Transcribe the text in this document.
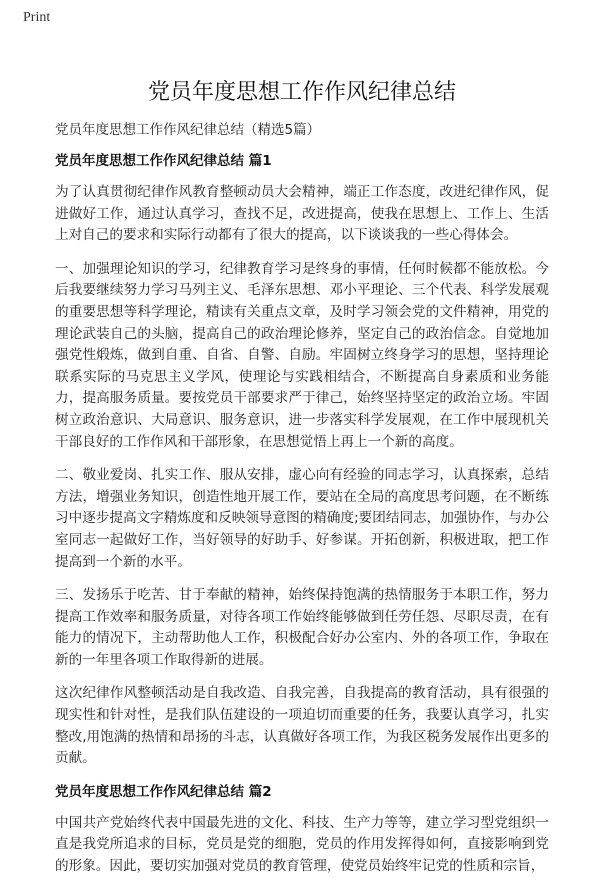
Print
党员年度思想工作作风纪律总结
党员年度思想工作作风纪律总结（精选5篇）
党员年度思想工作作风纪律总结 篇1

为了认真贯彻纪律作风教育整顿动员大会精神，端正工作态度，改进纪律作风，促进做好工作，通过认真学习，查找不足，改进提高，使我在思想上、工作上、生活上对自己的要求和实际行动都有了很大的提高，以下谈谈我的一些心得体会。

一、加强理论知识的学习，纪律教育学习是终身的事情，任何时候都不能放松。今后我要继续努力学习马列主义、毛泽东思想、邓小平理论、三个代表、科学发展观的重要思想等科学理论，精读有关重点文章，及时学习领会党的文件精神，用党的理论武装自己的头脑，提高自己的政治理论修养，坚定自己的政治信念。自觉地加强党性煅炼，做到自重、自省、自警、自励。牢固树立终身学习的思想，坚持理论联系实际的马克思主义学风，使理论与实践相结合，不断提高自身素质和业务能力，提高服务质量。要按党员干部要求严于律己，始终坚持坚定的政治立场。牢固树立政治意识、大局意识、服务意识，进一步落实科学发展观，在工作中展现机关干部良好的工作作风和干部形象，在思想觉悟上再上一个新的高度。

二、敬业爱岗、扎实工作、服从安排，虚心向有经验的同志学习，认真探索，总结方法，增强业务知识，创造性地开展工作，要站在全局的高度思考问题，在不断练习中逐步提高文字精炼度和反映领导意图的精确度;要团结同志，加强协作，与办公室同志一起做好工作，当好领导的好助手、好参谋。开拓创新，积极进取，把工作提高到一个新的水平。

三、发扬乐于吃苦、甘于奉献的精神，始终保持饱满的热情服务于本职工作，努力提高工作效率和服务质量，对待各项工作始终能够做到任劳任怨、尽职尽责，在有能力的情况下，主动帮助他人工作，积极配合好办公室内、外的各项工作，争取在新的一年里各项工作取得新的进展。

这次纪律作风整顿活动是自我改造、自我完善，自我提高的教育活动，具有很强的现实性和针对性，是我们队伍建设的一项迫切而重要的任务，我要认真学习，扎实整改,用饱满的热情和昂扬的斗志，认真做好各项工作，为我区税务发展作出更多的贡献。

党员年度思想工作作风纪律总结 篇2

中国共产党始终代表中国最先进的文化、科技、生产力等等，建立学习型党组织一直是我党所追求的目标，党员是党的细胞，党员的作用发挥得如何，直接影响到党的形象。因此，要切实加强对党员的教育管理，使党员始终牢记党的性质和宗旨，
